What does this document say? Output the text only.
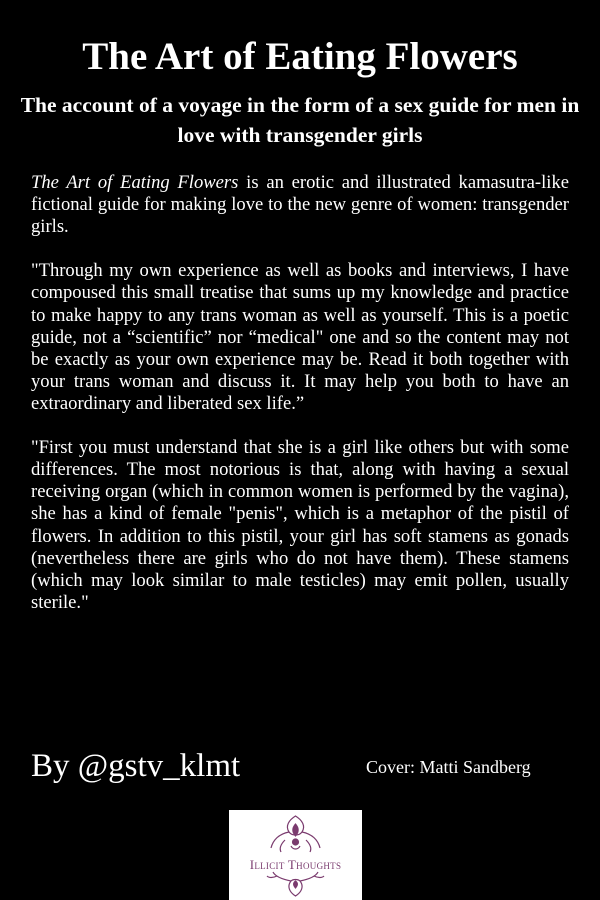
The Art of Eating Flowers
The account of a voyage in the form of a sex guide for men in love with transgender girls

The Art of Eating Flowers is an erotic and illustrated kamasutra-like fictional guide for making love to the new genre of women: transgender girls.

"Through my own experience as well as books and interviews, I have compoused this small treatise that sums up my knowledge and practice to make happy to any trans woman as well as yourself. This is a poetic guide, not a “scientific” nor “medical" one and so the content may not be exactly as your own experience may be. Read it both together with your trans woman and discuss it. It may help you both to have an extraordinary and liberated sex life.”

"First you must understand that she is a girl like others but with some differences. The most notorious is that, along with having a sexual receiving organ (which in common women is performed by the vagina), she has a kind of female "penis", which is a metaphor of the pistil of flowers. In addition to this pistil, your girl has soft stamens as gonads (nevertheless there are girls who do not have them). These stamens (which may look similar to male testicles) may emit pollen, usually sterile."

By @gstv_klmt	Cover: Matti Sandberg
Illicit Thoughts
